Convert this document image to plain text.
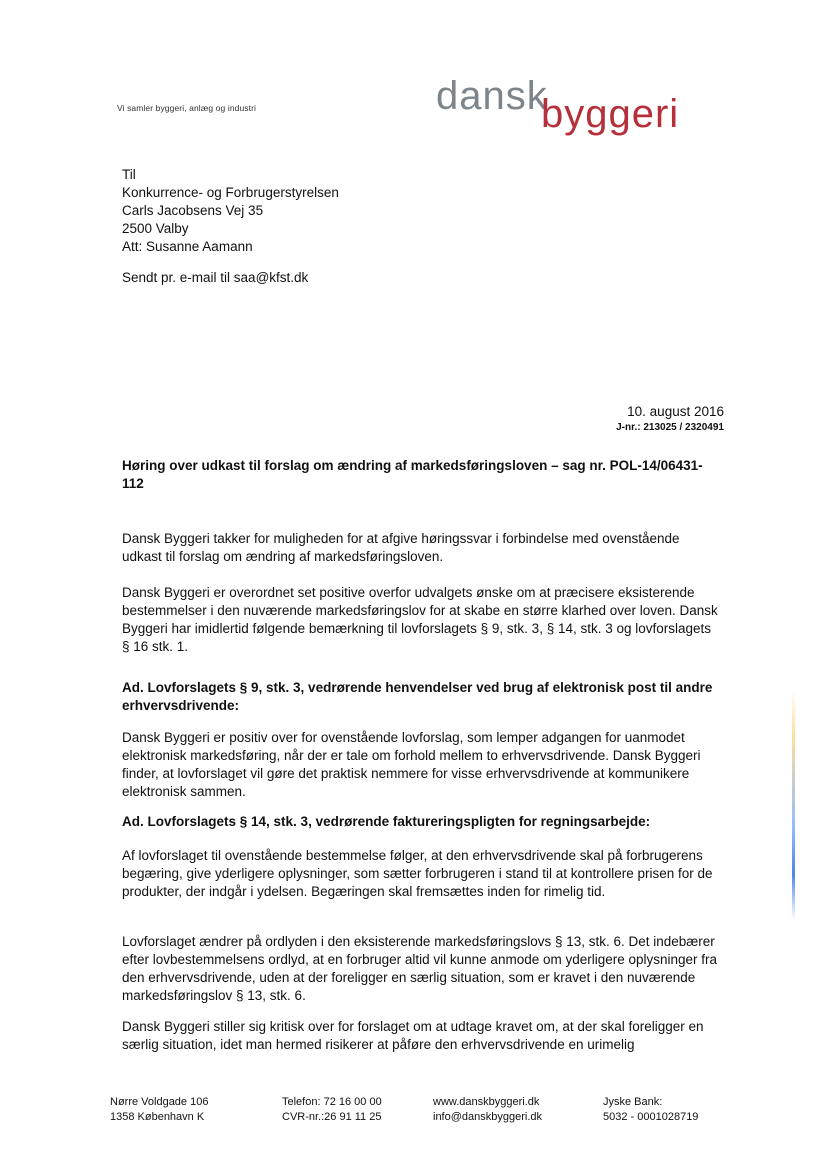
Vi samler byggeri, anlæg og industri	dansk
byggeri
Til
Konkurrence- og Forbrugerstyrelsen
Carls Jacobsens Vej 35
2500 Valby
Att: Susanne Aamann
Sendt pr. e-mail til saa@kfst.dk
10. august 2016
J-nr.: 213025 / 2320491
Høring over udkast til forslag om ændring af markedsføringsloven – sag nr. POL-14/06431-112
Dansk Byggeri takker for muligheden for at afgive høringssvar i forbindelse med ovenstående udkast til forslag om ændring af markedsføringsloven.
Dansk Byggeri er overordnet set positive overfor udvalgets ønske om at præcisere eksisterende bestemmelser i den nuværende markedsføringslov for at skabe en større klarhed over loven. Dansk Byggeri har imidlertid følgende bemærkning til lovforslagets § 9, stk. 3, § 14, stk. 3 og lovforslagets § 16 stk. 1.
Ad. Lovforslagets § 9, stk. 3, vedrørende henvendelser ved brug af elektronisk post til andre erhvervsdrivende:
Dansk Byggeri er positiv over for ovenstående lovforslag, som lemper adgangen for uanmodet elektronisk markedsføring, når der er tale om forhold mellem to erhvervsdrivende. Dansk Byggeri finder, at lovforslaget vil gøre det praktisk nemmere for visse erhvervsdrivende at kommunikere elektronisk sammen.
Ad. Lovforslagets § 14, stk. 3, vedrørende faktureringspligten for regningsarbejde:
Af lovforslaget til ovenstående bestemmelse følger, at den erhvervsdrivende skal på forbrugerens begæring, give yderligere oplysninger, som sætter forbrugeren i stand til at kontrollere prisen for de produkter, der indgår i ydelsen. Begæringen skal fremsættes inden for rimelig tid.
Lovforslaget ændrer på ordlyden i den eksisterende markedsføringslovs § 13, stk. 6. Det indebærer efter lovbestemmelsens ordlyd, at en forbruger altid vil kunne anmode om yderligere oplysninger fra den erhvervsdrivende, uden at der foreligger en særlig situation, som er kravet i den nuværende markedsføringslov § 13, stk. 6.
Dansk Byggeri stiller sig kritisk over for forslaget om at udtage kravet om, at der skal foreligger en særlig situation, idet man hermed risikerer at påføre den erhvervsdrivende en urimelig
Nørre Voldgade 106
1358 København K
Telefon: 72 16 00 00
CVR-nr.:26 91 11 25
www.danskbyggeri.dk
info@danskbyggeri.dk
Jyske Bank:
5032 - 0001028719
